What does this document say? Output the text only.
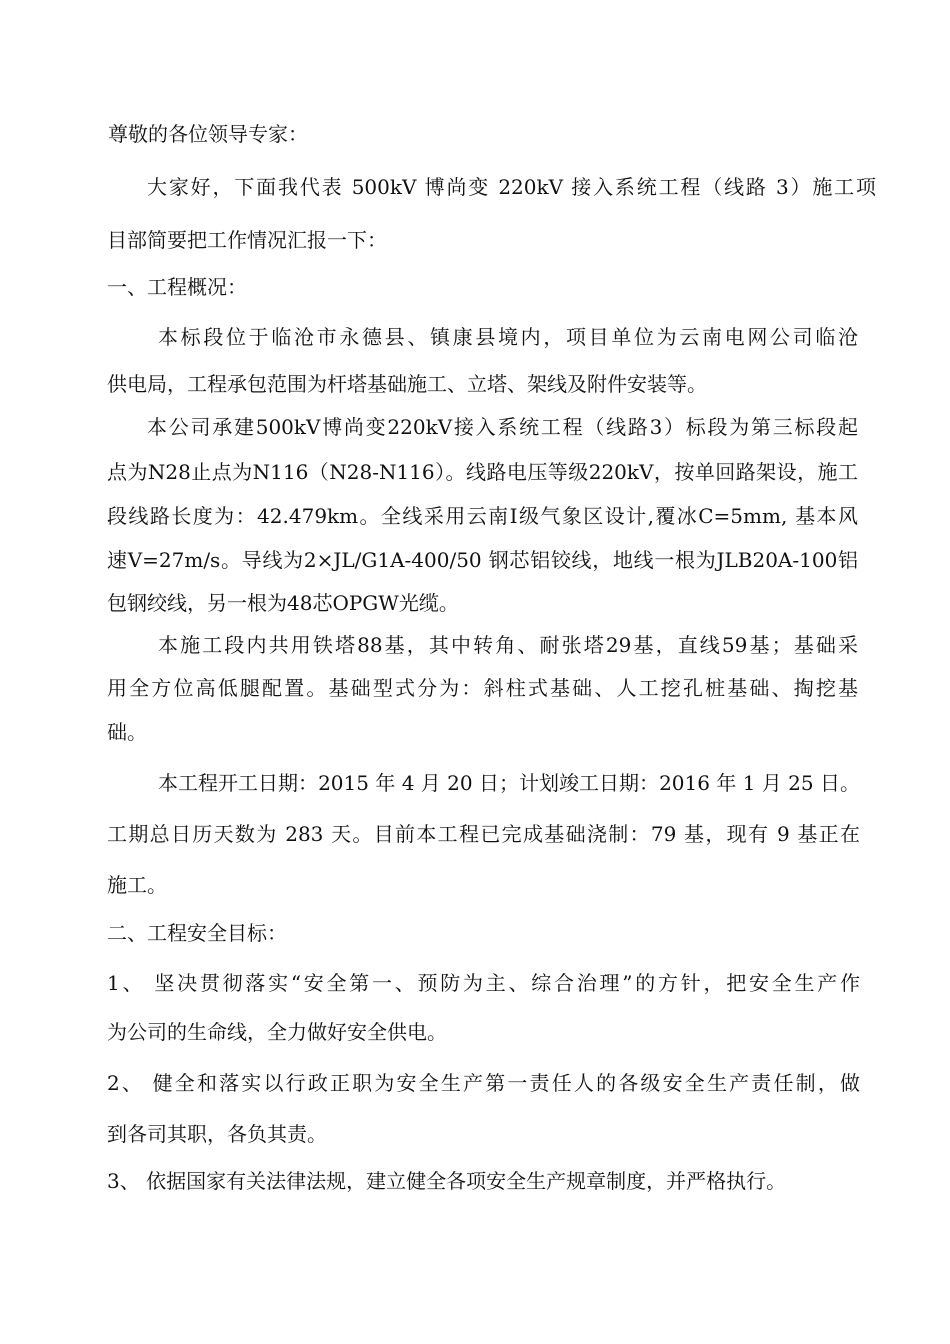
尊敬的各位领导专家：
大家好，下面我代表 500kV 博尚变 220kV 接入系统工程（线路 3）施工项
目部简要把工作情况汇报一下：
一、工程概况：
本标段位于临沧市永德县、镇康县境内，项目单位为云南电网公司临沧
供电局，工程承包范围为杆塔基础施工、立塔、架线及附件安装等。
本公司承建500kV博尚变220kV接入系统工程（线路3）标段为第三标段起
点为N28止点为N116（N28-N116）。线路电压等级220kV，按单回路架设，施工
段线路长度为：42.479km。全线采用云南I级气象区设计,覆冰C=5mm, 基本风
速V=27m/s。导线为2×JL/G1A-400/50 钢芯铝铰线，地线一根为JLB20A-100铝
包钢绞线，另一根为48芯OPGW光缆。
本施工段内共用铁塔88基，其中转角、耐张塔29基，直线59基；基础采
用全方位高低腿配置。基础型式分为：斜柱式基础、人工挖孔桩基础、掏挖基
础。
本工程开工日期：2015 年 4 月 20 日；计划竣工日期：2016 年 1 月 25 日。
工期总日历天数为 283 天。目前本工程已完成基础浇制：79 基，现有 9 基正在
施工。
二、工程安全目标：
1、 坚决贯彻落实“安全第一、预防为主、综合治理”的方针，把安全生产作
为公司的生命线，全力做好安全供电。
2、 健全和落实以行政正职为安全生产第一责任人的各级安全生产责任制，做
到各司其职，各负其责。
3、 依据国家有关法律法规，建立健全各项安全生产规章制度，并严格执行。
